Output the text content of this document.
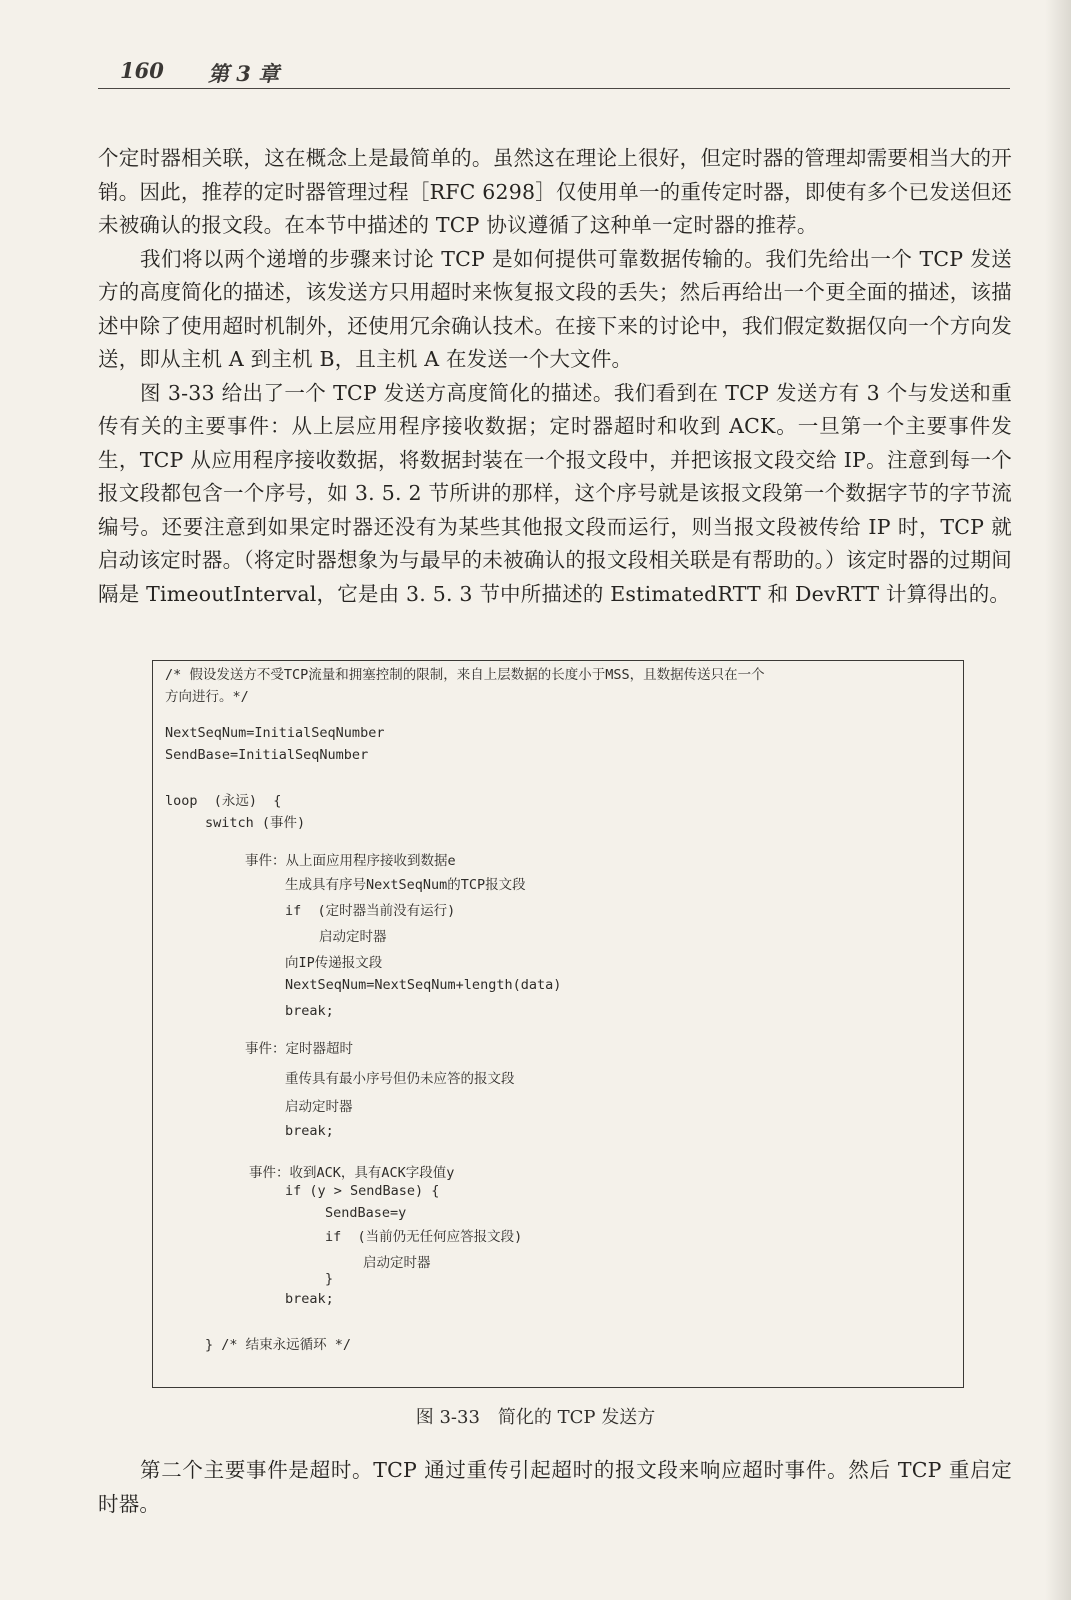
160 第 3 章

个定时器相关联，这在概念上是最简单的。虽然这在理论上很好，但定时器的管理却需要相当大的开销。因此，推荐的定时器管理过程［RFC 6298］仅使用单一的重传定时器，即使有多个已发送但还未被确认的报文段。在本节中描述的 TCP 协议遵循了这种单一定时器的推荐。

我们将以两个递增的步骤来讨论 TCP 是如何提供可靠数据传输的。我们先给出一个 TCP 发送方的高度简化的描述，该发送方只用超时来恢复报文段的丢失；然后再给出一个更全面的描述，该描述中除了使用超时机制外，还使用冗余确认技术。在接下来的讨论中，我们假定数据仅向一个方向发送，即从主机 A 到主机 B，且主机 A 在发送一个大文件。

图 3-33 给出了一个 TCP 发送方高度简化的描述。我们看到在 TCP 发送方有 3 个与发送和重传有关的主要事件：从上层应用程序接收数据；定时器超时和收到 ACK。一旦第一个主要事件发生，TCP 从应用程序接收数据，将数据封装在一个报文段中，并把该报文段交给 IP。注意到每一个报文段都包含一个序号，如 3. 5. 2 节所讲的那样，这个序号就是该报文段第一个数据字节的字节流编号。还要注意到如果定时器还没有为某些其他报文段而运行，则当报文段被传给 IP 时，TCP 就启动该定时器。（将定时器想象为与最早的未被确认的报文段相关联是有帮助的。）该定时器的过期间隔是 TimeoutInterval，它是由 3. 5. 3 节中所描述的 EstimatedRTT 和 DevRTT 计算得出的。

/* 假设发送方不受TCP流量和拥塞控制的限制，来自上层数据的长度小于MSS，且数据传送只在一个
方向进行。*/
NextSeqNum=InitialSeqNumber
SendBase=InitialSeqNumber
loop  (永远)  {
switch (事件)
事件：从上面应用程序接收到数据e
生成具有序号NextSeqNum的TCP报文段
if  (定时器当前没有运行)
启动定时器
向IP传递报文段
NextSeqNum=NextSeqNum+length(data)
break;
事件：定时器超时
重传具有最小序号但仍未应答的报文段
启动定时器
break;
事件：收到ACK，具有ACK字段值y
if (y > SendBase) {
SendBase=y
if  (当前仍无任何应答报文段)
启动定时器
}
break;
} /* 结束永远循环 */
图 3-33　简化的 TCP 发送方

第二个主要事件是超时。TCP 通过重传引起超时的报文段来响应超时事件。然后 TCP 重启定时器。
